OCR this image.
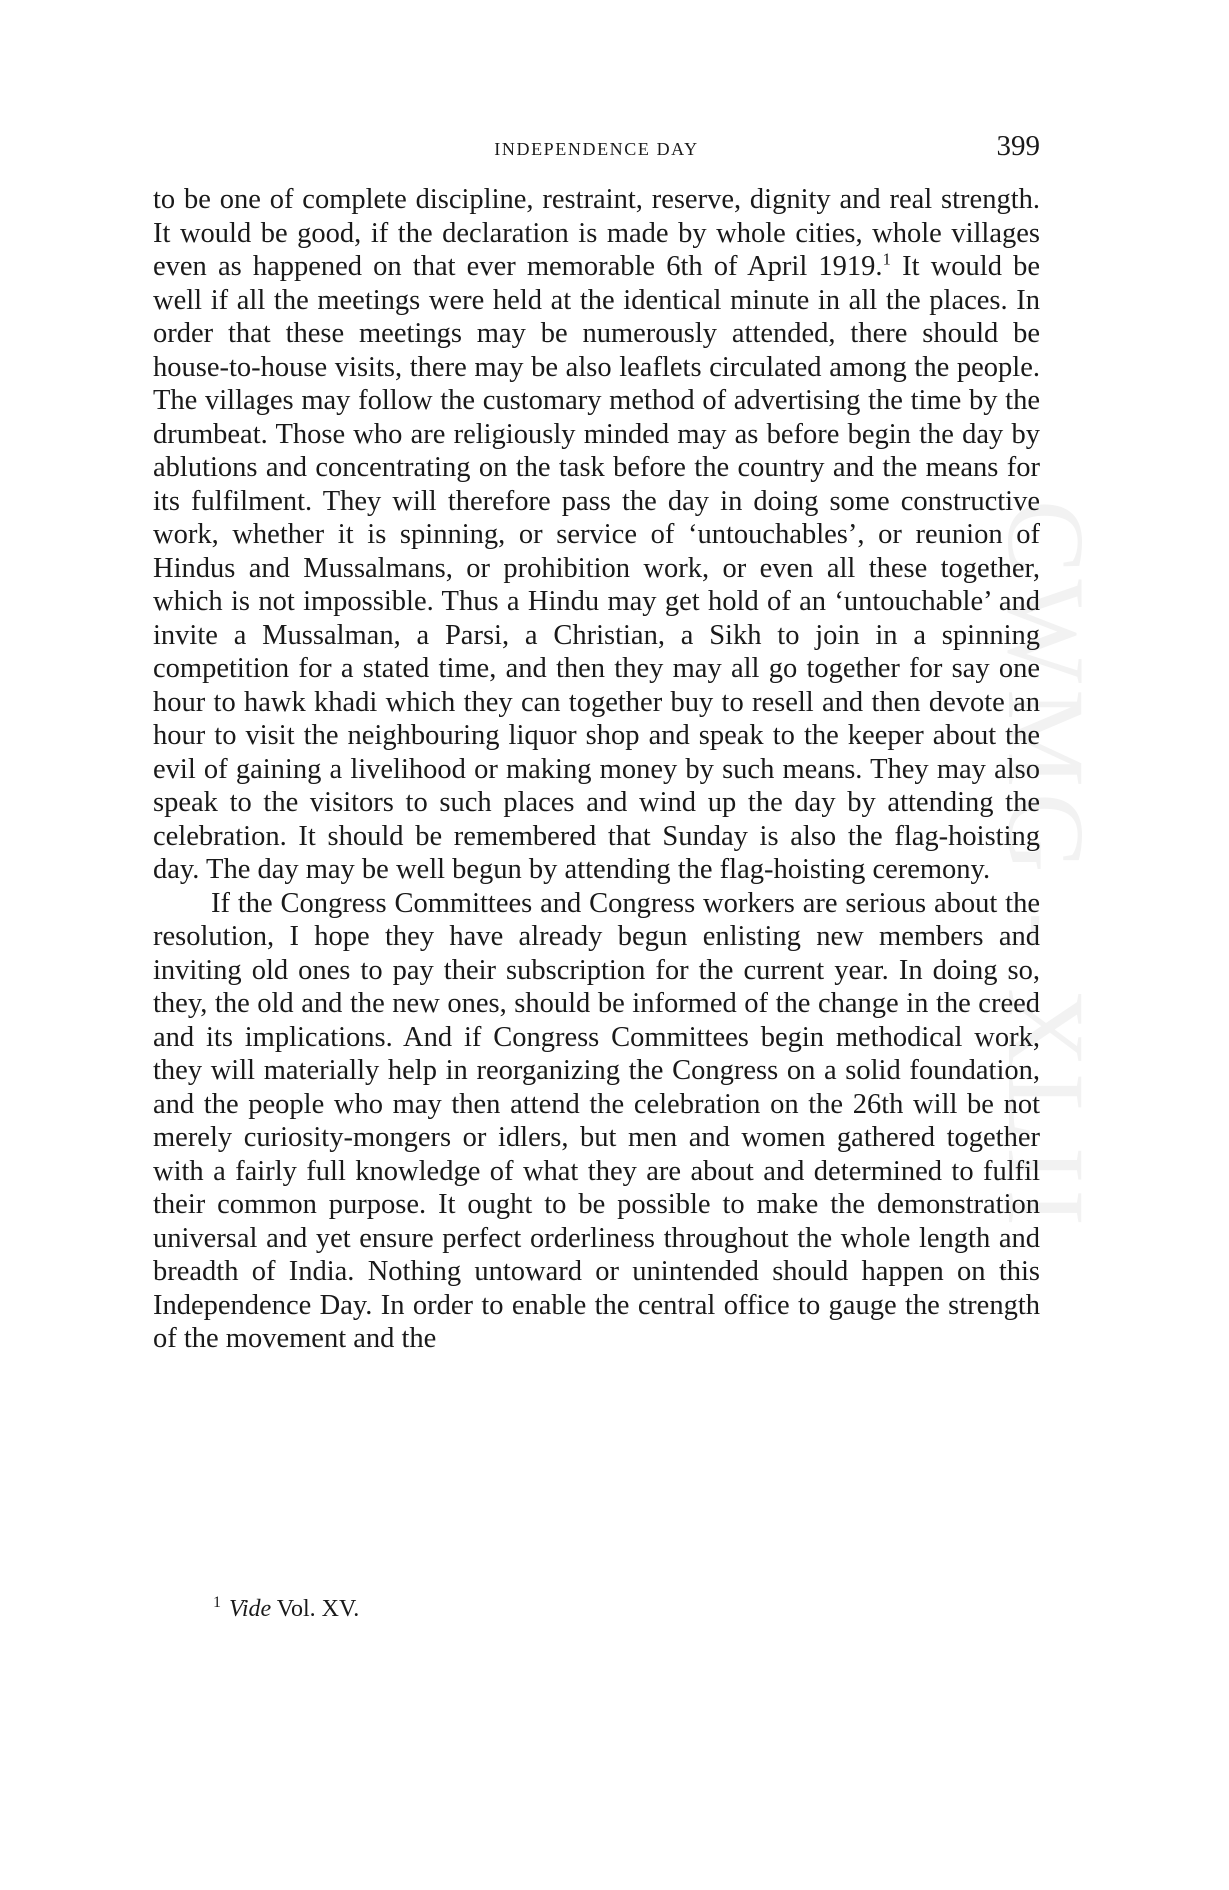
CWMG - XLII
INDEPENDENCE DAY	399

to be one of complete discipline, restraint, reserve, dignity and real strength. It would be good, if the declaration is made by whole cities, whole villages even as happened on that ever memorable 6th of April 1919.$^1$ It would be well if all the meetings were held at the identical minute in all the places. In order that these meetings may be numerously attended, there should be house-to-house visits, there may be also leaflets circulated among the people. The villages may follow the customary method of advertising the time by the drumbeat. Those who are religiously minded may as before begin the day by ablutions and concentrating on the task before the country and the means for its fulfilment. They will therefore pass the day in doing some constructive work, whether it is spinning, or service of ‘untouchables’, or reunion of Hindus and Mussalmans, or prohibition work, or even all these together, which is not impossible. Thus a Hindu may get hold of an ‘untouchable’ and invite a Mussalman, a Parsi, a Christian, a Sikh to join in a spinning competition for a stated time, and then they may all go together for say one hour to hawk khadi which they can together buy to resell and then devote an hour to visit the neighbouring liquor shop and speak to the keeper about the evil of gaining a livelihood or making money by such means. They may also speak to the visitors to such places and wind up the day by attending the celebration. It should be remembered that Sunday is also the flag-hoisting day. The day may be well begun by attending the flag-hoisting ceremony.

If the Congress Committees and Congress workers are serious about the resolution, I hope they have already begun enlisting new members and inviting old ones to pay their subscription for the current year. In doing so, they, the old and the new ones, should be informed of the change in the creed and its implications. And if Congress Committees begin methodical work, they will materially help in reorganizing the Congress on a solid foundation, and the people who may then attend the celebration on the 26th will be not merely curiosity-mongers or idlers, but men and women gathered together with a fairly full knowledge of what they are about and determined to fulfil their common purpose. It ought to be possible to make the demonstration universal and yet ensure perfect orderliness throughout the whole length and breadth of India. Nothing untoward or unintended should happen on this Independence Day. In order to enable the central office to gauge the strength of the movement and the

$^1$ Vide Vol. XV.
